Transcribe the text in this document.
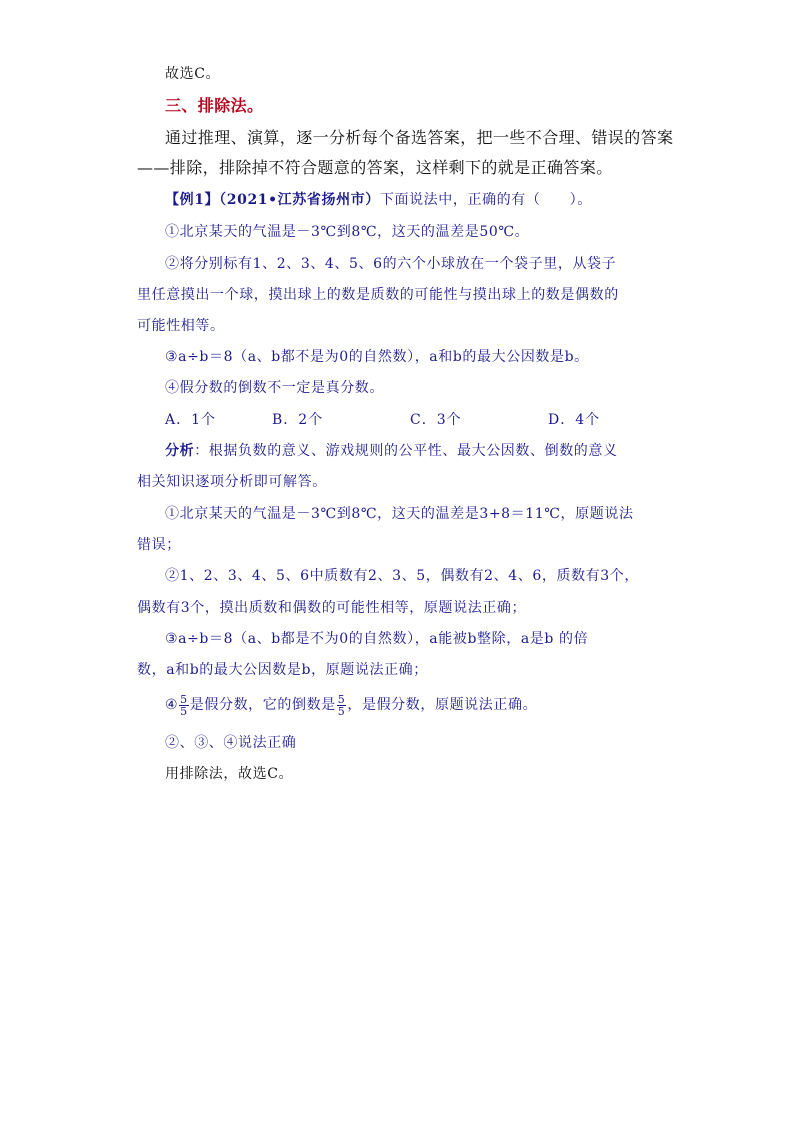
故选C。
三、排除法。
通过推理、演算，逐一分析每个备选答案，把一些不合理、错误的答案
——排除，排除掉不符合题意的答案，这样剩下的就是正确答案。
【例1】（2021•江苏省扬州市）下面说法中，正确的有（　　）。
①北京某天的气温是－3℃到8℃，这天的温差是50℃。
②将分别标有1、2、3、4、5、6的六个小球放在一个袋子里，从袋子
里任意摸出一个球，摸出球上的数是质数的可能性与摸出球上的数是偶数的
可能性相等。
③a÷b＝8（a、b都不是为0的自然数），a和b的最大公因数是b。
④假分数的倒数不一定是真分数。
A．1个	B．2个	C．3个	D．4个
分析：根据负数的意义、游戏规则的公平性、最大公因数、倒数的意义
相关知识逐项分析即可解答。
①北京某天的气温是－3℃到8℃，这天的温差是3+8＝11℃，原题说法
错误；
②1、2、3、4、5、6中质数有2、3、5，偶数有2、4、6，质数有3个，
偶数有3个，摸出质数和偶数的可能性相等，原题说法正确；
③a÷b＝8（a、b都是不为0的自然数），a能被b整除，a是b 的倍
数，a和b的最大公因数是b，原题说法正确；
④ $\frac{5}{5}$ 是假分数，它的倒数是 $\frac{5}{5}$ ，是假分数，原题说法正确。
②、③、④说法正确
用排除法，故选C。
